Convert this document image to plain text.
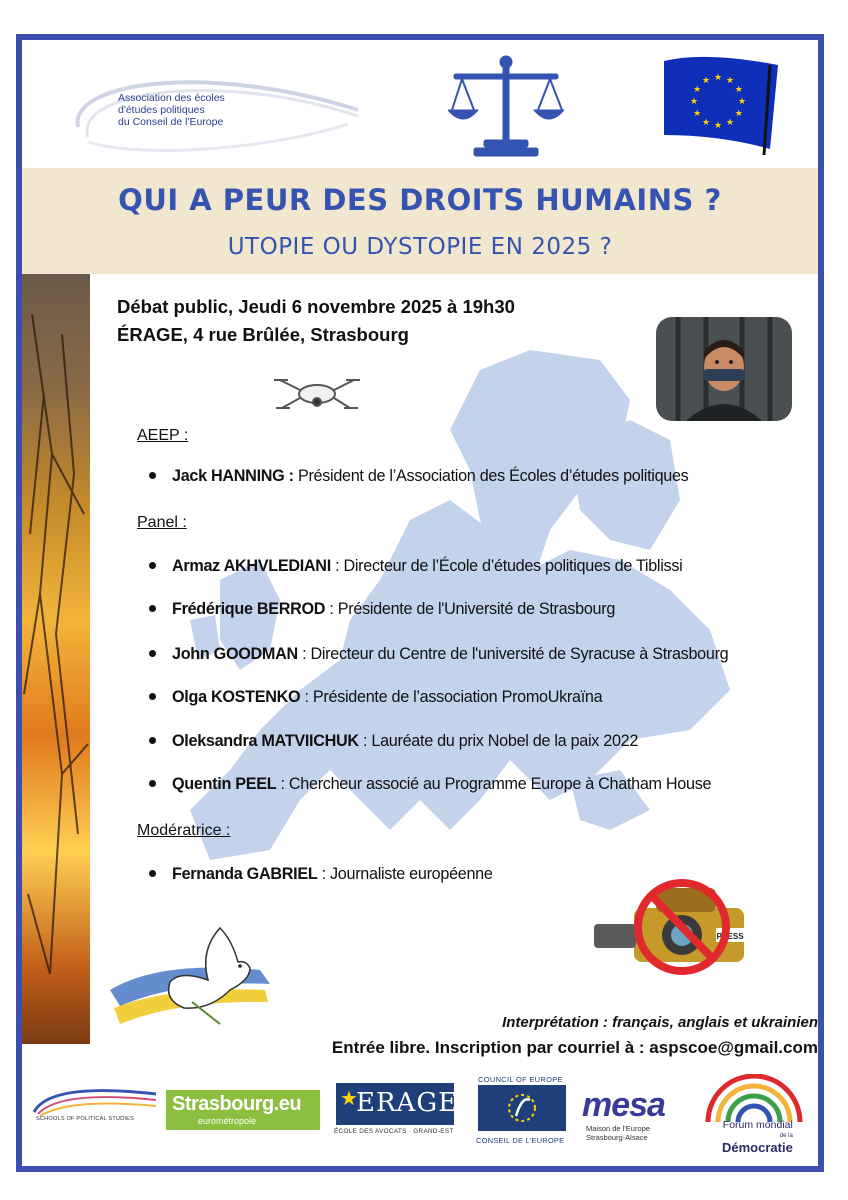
Association des écoles
d'études politiques
du Conseil de l'Europe
★
★
★
★
★
★
★
★
★ ★ ★
★
QUI A PEUR DES DROITS HUMAINS ?
UTOPIE OU DYSTOPIE EN 2025 ?
Débat public, Jeudi 6 novembre 2025 à 19h30
ÉRAGE, 4 rue Brûlée, Strasbourg
AEEP :
Jack HANNING : Président de l’Association des Écoles d’études politiques
Panel :
Armaz AKHVLEDIANI : Directeur de l’École d’études politiques de Tiblissi
Frédérique BERROD : Présidente de l'Université de Strasbourg
John GOODMAN : Directeur du Centre de l'université de Syracuse à Strasbourg
Olga KOSTENKO : Présidente de l’association PromoUkraïna
Oleksandra MATVIICHUK : Lauréate du prix Nobel de la paix 2022
Quentin PEEL : Chercheur associé au Programme Europe à Chatham House
Modératrice :
Fernanda GABRIEL : Journaliste européenne
PRESS
Interprétation : français, anglais et ukrainien
Entrée libre. Inscription par courriel à : aspscoe@gmail.com
SCHOOLS OF POLITICAL STUDIES
Strasbourg.eu
eurométropole
★
ERAGE
ÉCOLE DES AVOCATS · GRAND-EST
COUNCIL OF EUROPE
CONSEIL DE L'EUROPE
mesa
Maison de l'Europe
Strasbourg-Alsace
Forum mondial
de la
Démocratie
